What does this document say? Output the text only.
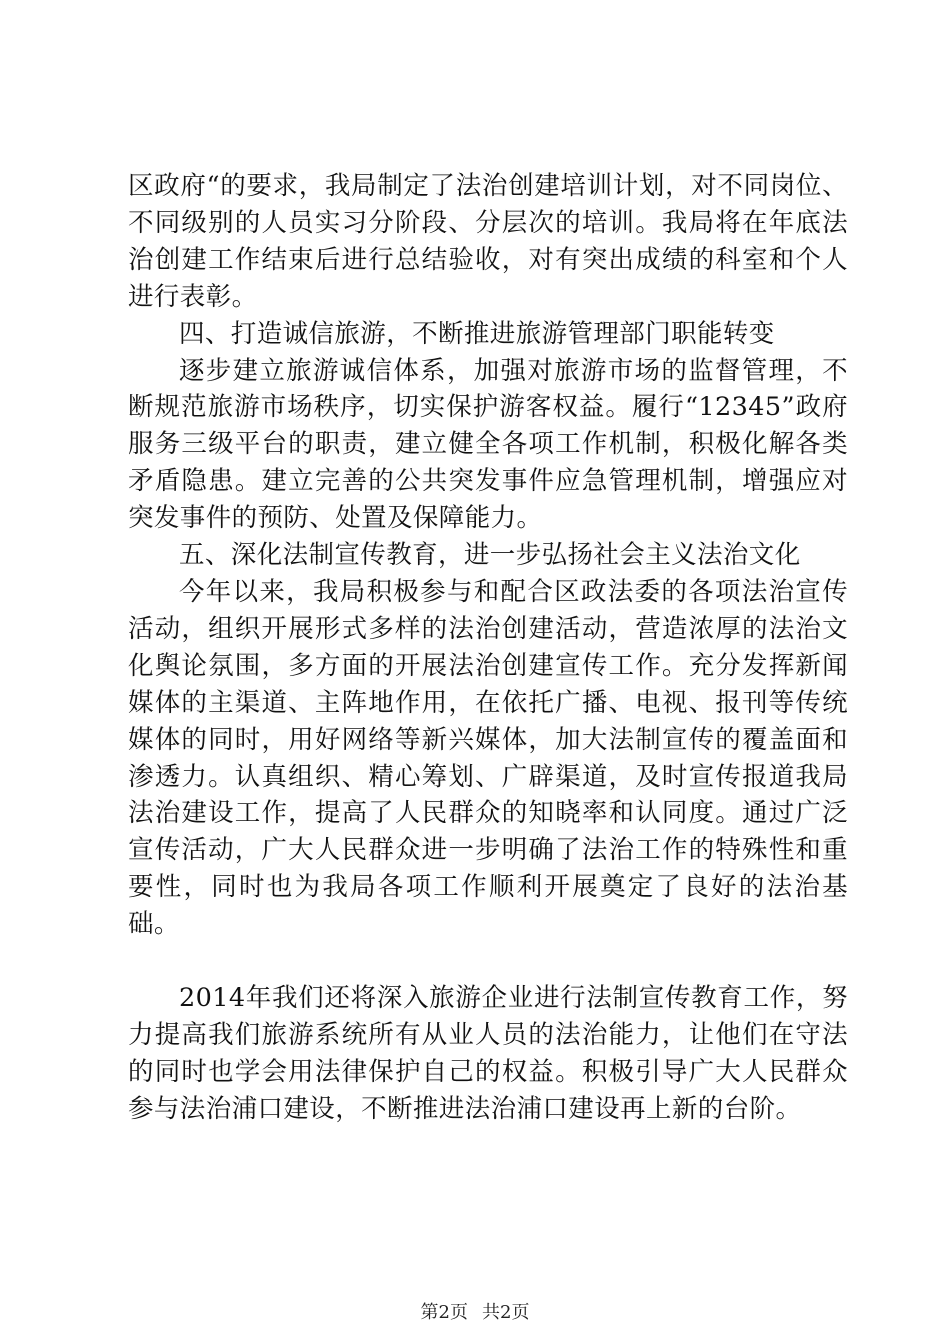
区政府“的要求，我局制定了法治创建培训计划，对不同岗位、不同级别的人员实习分阶段、分层次的培训。我局将在年底法治创建工作结束后进行总结验收，对有突出成绩的科室和个人进行表彰。

四、打造诚信旅游，不断推进旅游管理部门职能转变

逐步建立旅游诚信体系，加强对旅游市场的监督管理，不断规范旅游市场秩序，切实保护游客权益。履行“12345”政府服务三级平台的职责，建立健全各项工作机制，积极化解各类矛盾隐患。建立完善的公共突发事件应急管理机制，增强应对突发事件的预防、处置及保障能力。

五、深化法制宣传教育，进一步弘扬社会主义法治文化

今年以来，我局积极参与和配合区政法委的各项法治宣传活动，组织开展形式多样的法治创建活动，营造浓厚的法治文化舆论氛围，多方面的开展法治创建宣传工作。充分发挥新闻媒体的主渠道、主阵地作用，在依托广播、电视、报刊等传统媒体的同时，用好网络等新兴媒体，加大法制宣传的覆盖面和渗透力。认真组织、精心筹划、广辟渠道，及时宣传报道我局法治建设工作，提高了人民群众的知晓率和认同度。通过广泛宣传活动，广大人民群众进一步明确了法治工作的特殊性和重要性，同时也为我局各项工作顺利开展奠定了良好的法治基础。

2014年我们还将深入旅游企业进行法制宣传教育工作，努力提高我们旅游系统所有从业人员的法治能力，让他们在守法的同时也学会用法律保护自己的权益。积极引导广大人民群众参与法治浦口建设，不断推进法治浦口建设再上新的台阶。

第2页 共2页
